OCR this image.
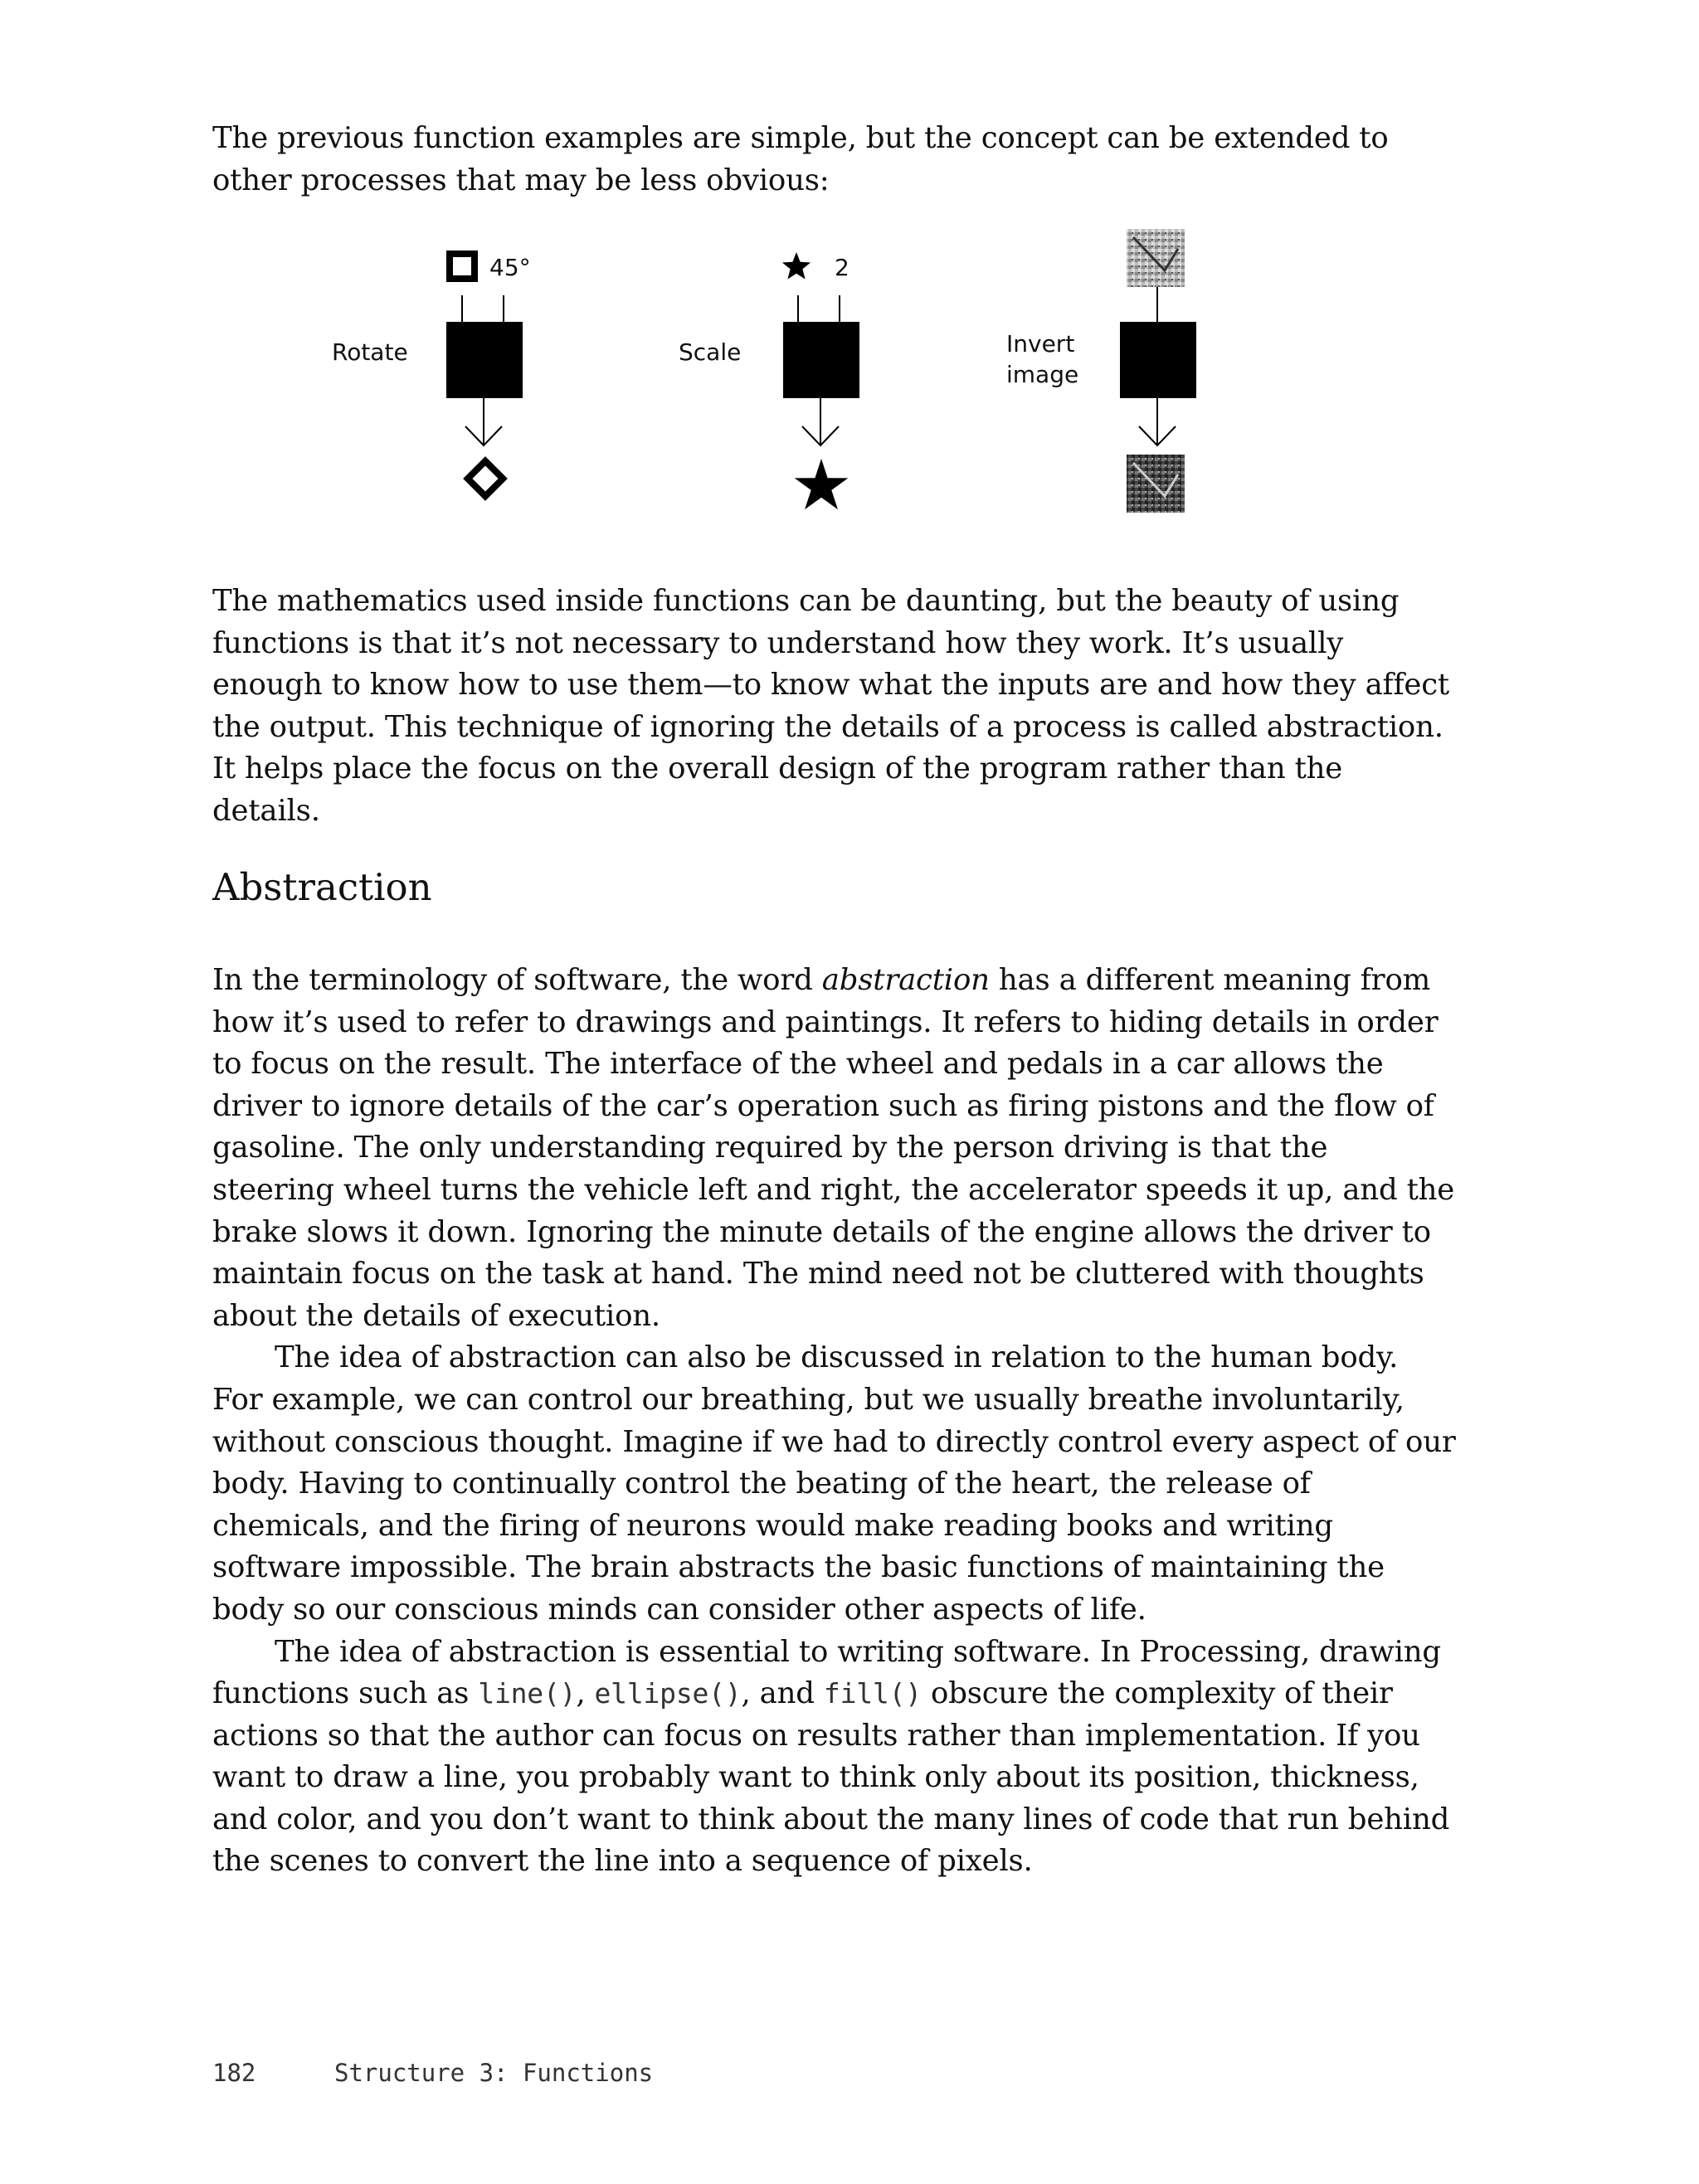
The previous function examples are simple, but the concept can be extended to other processes that may be less obvious:

Rotate
45°
Scale
2
Invert
image

The mathematics used inside functions can be daunting, but the beauty of using functions is that it’s not necessary to understand how they work. It’s usually enough to know how to use them—to know what the inputs are and how they affect the output. This technique of ignoring the details of a process is called abstraction. It helps place the focus on the overall design of the program rather than the details.

Abstraction

In the terminology of software, the word abstraction has a different meaning from how it’s used to refer to drawings and paintings. It refers to hiding details in order to focus on the result. The interface of the wheel and pedals in a car allows the driver to ignore details of the car’s operation such as firing pistons and the flow of gasoline. The only understanding required by the person driving is that the steering wheel turns the vehicle left and right, the accelerator speeds it up, and the brake slows it down. Ignoring the minute details of the engine allows the driver to maintain focus on the task at hand. The mind need not be cluttered with thoughts about the details of execution.

The idea of abstraction can also be discussed in relation to the human body. For example, we can control our breathing, but we usually breathe involuntarily, without conscious thought. Imagine if we had to directly control every aspect of our body. Having to continually control the beating of the heart, the release of chemicals, and the firing of neurons would make reading books and writing software impossible. The brain abstracts the basic functions of maintaining the body so our conscious minds can consider other aspects of life.

The idea of abstraction is essential to writing software. In Processing, drawing functions such as line(), ellipse(), and fill() obscure the complexity of their actions so that the author can focus on results rather than implementation. If you want to draw a line, you probably want to think only about its position, thickness, and color, and you don’t want to think about the many lines of code that run behind the scenes to convert the line into a sequence of pixels.

182	Structure 3: Functions
